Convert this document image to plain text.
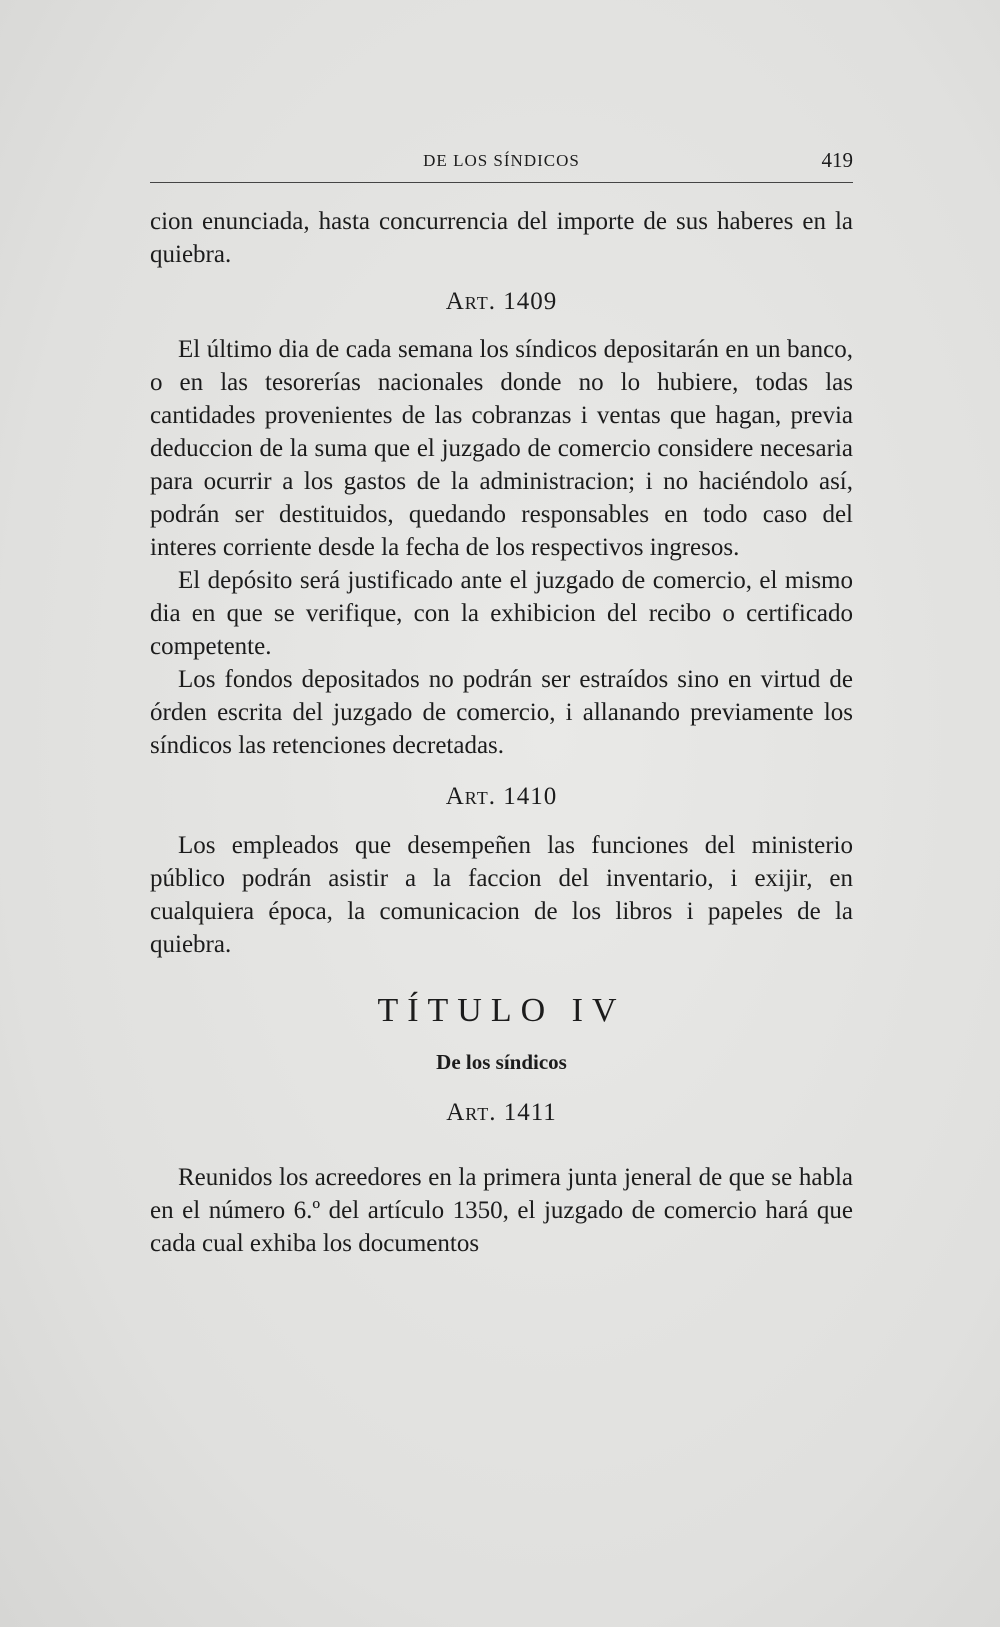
DE LOS SÍNDICOS	419

cion enunciada, hasta concurrencia del importe de sus haberes en la quiebra.

Art. 1409

El último dia de cada semana los síndicos depositarán en un banco, o en las tesorerías nacionales donde no lo hubiere, todas las cantidades provenientes de las cobranzas i ventas que hagan, previa deduccion de la suma que el juzgado de comercio considere necesaria para ocurrir a los gastos de la administracion; i no haciéndolo así, podrán ser destituidos, quedando responsables en todo caso del interes corriente desde la fecha de los respectivos ingresos.

El depósito será justificado ante el juzgado de comercio, el mismo dia en que se verifique, con la exhibicion del recibo o certificado competente.

Los fondos depositados no podrán ser estraídos sino en virtud de órden escrita del juzgado de comercio, i allanando previamente los síndicos las retenciones decretadas.

Art. 1410

Los empleados que desempeñen las funciones del ministerio público podrán asistir a la faccion del inventario, i exijir, en cualquiera época, la comunicacion de los libros i papeles de la quiebra.

TÍTULO IV
De los síndicos
Art. 1411

Reunidos los acreedores en la primera junta jeneral de que se habla en el número 6.º del artículo 1350, el juzgado de comercio hará que cada cual exhiba los documentos
